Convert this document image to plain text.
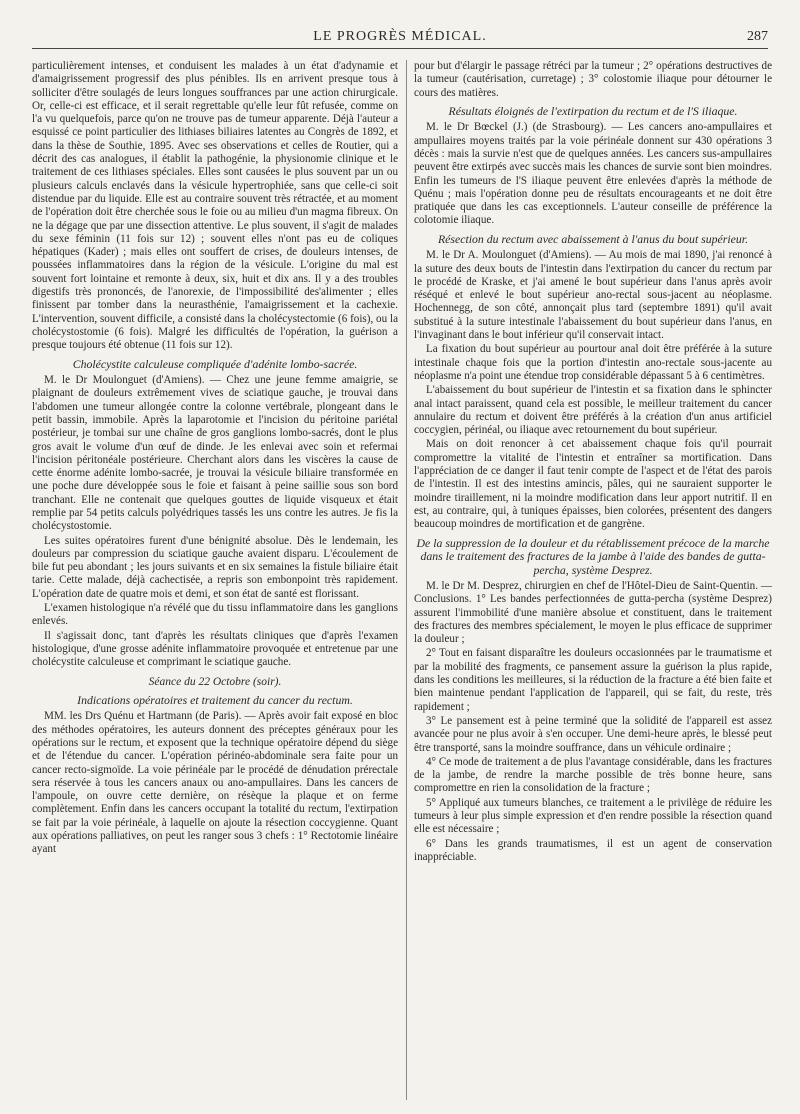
LE PROGRÈS MÉDICAL.	287

particulièrement intenses, et conduisent les malades à un état d'adynamie et d'amaigrissement progressif des plus pénibles. Ils en arrivent presque tous à solliciter d'être soulagés de leurs longues souffrances par une action chirurgicale. Or, celle-ci est efficace, et il serait regrettable qu'elle leur fût refusée, comme on l'a vu quelquefois, parce qu'on ne trouve pas de tumeur apparente. Déjà l'auteur a esquissé ce point particulier des lithiases biliaires latentes au Congrès de 1892, et dans la thèse de Southie, 1895. Avec ses observations et celles de Routier, qui a décrit des cas analogues, il établit la pathogénie, la physionomie clinique et le traitement de ces lithiases spéciales. Elles sont causées le plus souvent par un ou plusieurs calculs enclavés dans la vésicule hypertrophiée, sans que celle-ci soit distendue par du liquide. Elle est au contraire souvent très rétractée, et au moment de l'opération doit être cherchée sous le foie ou au milieu d'un magma fibreux. On ne la dégage que par une dissection attentive. Le plus souvent, il s'agit de malades du sexe féminin (11 fois sur 12) ; souvent elles n'ont pas eu de coliques hépatiques (Kader) ; mais elles ont souffert de crises, de douleurs intenses, de poussées inflammatoires dans la région de la vésicule. L'origine du mal est souvent fort lointaine et remonte à deux, six, huit et dix ans. Il y a des troubles digestifs très prononcés, de l'anorexie, de l'impossibilité des'alimenter ; elles finissent par tomber dans la neurasthénie, l'amaigrissement et la cachexie. L'intervention, souvent difficile, a consisté dans la cholécystectomie (6 fois), ou la cholécystostomie (6 fois). Malgré les difficultés de l'opération, la guérison a presque toujours été obtenue (11 fois sur 12).

Cholécystite calculeuse compliquée d'adénite lombo-sacrée.

M. le Dr Moulonguet (d'Amiens). — Chez une jeune femme amaigrie, se plaignant de douleurs extrêmement vives de sciatique gauche, je trouvai dans l'abdomen une tumeur allongée contre la colonne vertébrale, plongeant dans le petit bassin, immobile. Après la laparotomie et l'incision du péritoine pariétal postérieur, je tombai sur une chaîne de gros ganglions lombo-sacrés, dont le plus gros avait le volume d'un œuf de dinde. Je les enlevai avec soin et refermai l'incision péritonéale postérieure. Cherchant alors dans les viscères la cause de cette énorme adénite lombo-sacrée, je trouvai la vésicule biliaire transformée en une poche dure développée sous le foie et faisant à peine saillie sous son bord tranchant. Elle ne contenait que quelques gouttes de liquide visqueux et était remplie par 54 petits calculs polyédriques tassés les uns contre les autres. Je fis la cholécystostomie.

Les suites opératoires furent d'une bénignité absolue. Dès le lendemain, les douleurs par compression du sciatique gauche avaient disparu. L'écoulement de bile fut peu abondant ; les jours suivants et en six semaines la fistule biliaire était tarie. Cette malade, déjà cachectisée, a repris son embonpoint très rapidement. L'opération date de quatre mois et demi, et son état de santé est florissant.

L'examen histologique n'a révélé que du tissu inflammatoire dans les ganglions enlevés.

Il s'agissait donc, tant d'après les résultats cliniques que d'après l'examen histologique, d'une grosse adénite inflammatoire provoquée et entretenue par une cholécystite calculeuse et comprimant le sciatique gauche.

Séance du 22 Octobre (soir).
Indications opératoires et traitement du cancer du rectum.

MM. les Drs Quénu et Hartmann (de Paris). — Après avoir fait exposé en bloc des méthodes opératoires, les auteurs donnent des préceptes généraux pour les opérations sur le rectum, et exposent que la technique opératoire dépend du siège et de l'étendue du cancer. L'opération périnéo-abdominale sera faite pour un cancer recto-sigmoïde. La voie périnéale par le procédé de dénudation prérectale sera réservée à tous les cancers anaux ou ano-ampullaires. Dans les cancers de l'ampoule, on ouvre cette dernière, on résèque la plaque et on ferme complètement. Enfin dans les cancers occupant la totalité du rectum, l'extirpation se fait par la voie périnéale, à laquelle on ajoute la résection coccygienne. Quant aux opérations palliatives, on peut les ranger sous 3 chefs : 1° Rectotomie linéaire ayant

pour but d'élargir le passage rétréci par la tumeur ; 2° opérations destructives de la tumeur (cautérisation, curretage) ; 3° colostomie iliaque pour détourner le cours des matières.

Résultats éloignés de l'extirpation du rectum et de l'S iliaque.

M. le Dr Bœckel (J.) (de Strasbourg). — Les cancers ano-ampullaires et ampullaires moyens traités par la voie périnéale donnent sur 430 opérations 3 décès : mais la survie n'est que de quelques années. Les cancers sus-ampullaires peuvent être extirpés avec succès mais les chances de survie sont bien moindres. Enfin les tumeurs de l'S iliaque peuvent être enlevées d'après la méthode de Quénu ; mais l'opération donne peu de résultats encourageants et ne doit être pratiquée que dans les cas exceptionnels. L'auteur conseille de préférence la colotomie iliaque.

Résection du rectum avec abaissement à l'anus du bout supérieur.

M. le Dr A. Moulonguet (d'Amiens). — Au mois de mai 1890, j'ai renoncé à la suture des deux bouts de l'intestin dans l'extirpation du cancer du rectum par le procédé de Kraske, et j'ai amené le bout supérieur dans l'anus après avoir réséqué et enlevé le bout supérieur ano-rectal sous-jacent au néoplasme. Hochennegg, de son côté, annonçait plus tard (septembre 1891) qu'il avait substitué à la suture intestinale l'abaissement du bout supérieur dans l'anus, en l'invaginant dans le bout inférieur qu'il conservait intact.

La fixation du bout supérieur au pourtour anal doit être préférée à la suture intestinale chaque fois que la portion d'intestin ano-rectale sous-jacente au néoplasme n'a point une étendue trop considérable dépassant 5 à 6 centimètres.

L'abaissement du bout supérieur de l'intestin et sa fixation dans le sphincter anal intact paraissent, quand cela est possible, le meilleur traitement du cancer annulaire du rectum et doivent être préférés à la création d'un anus artificiel coccygien, périnéal, ou iliaque avec retournement du bout supérieur.

Mais on doit renoncer à cet abaissement chaque fois qu'il pourrait compromettre la vitalité de l'intestin et entraîner sa mortification. Dans l'appréciation de ce danger il faut tenir compte de l'aspect et de l'état des parois de l'intestin. Il est des intestins amincis, pâles, qui ne sauraient supporter le moindre tiraillement, ni la moindre modification dans leur apport nutritif. Il en est, au contraire, qui, à tuniques épaisses, bien colorées, présentent des dangers beaucoup moindres de mortification et de gangrène.

De la suppression de la douleur et du rétablissement précoce de la marche dans le traitement des fractures de la jambe à l'aide des bandes de gutta-percha, système Desprez.

M. le Dr M. Desprez, chirurgien en chef de l'Hôtel-Dieu de Saint-Quentin. — Conclusions. 1° Les bandes perfectionnées de gutta-percha (système Desprez) assurent l'immobilité d'une manière absolue et constituent, dans le traitement des fractures des membres spécialement, le moyen le plus efficace de supprimer la douleur ;

2° Tout en faisant disparaître les douleurs occasionnées par le traumatisme et par la mobilité des fragments, ce pansement assure la guérison la plus rapide, dans les conditions les meilleures, si la réduction de la fracture a été bien faite et bien maintenue pendant l'application de l'appareil, qui se fait, du reste, très rapidement ;

3° Le pansement est à peine terminé que la solidité de l'appareil est assez avancée pour ne plus avoir à s'en occuper. Une demi-heure après, le blessé peut être transporté, sans la moindre souffrance, dans un véhicule ordinaire ;

4° Ce mode de traitement a de plus l'avantage considérable, dans les fractures de la jambe, de rendre la marche possible de très bonne heure, sans compromettre en rien la consolidation de la fracture ;

5° Appliqué aux tumeurs blanches, ce traitement a le privilège de réduire les tumeurs à leur plus simple expression et d'en rendre possible la résection quand elle est nécessaire ;

6° Dans les grands traumatismes, il est un agent de conservation inappréciable.
